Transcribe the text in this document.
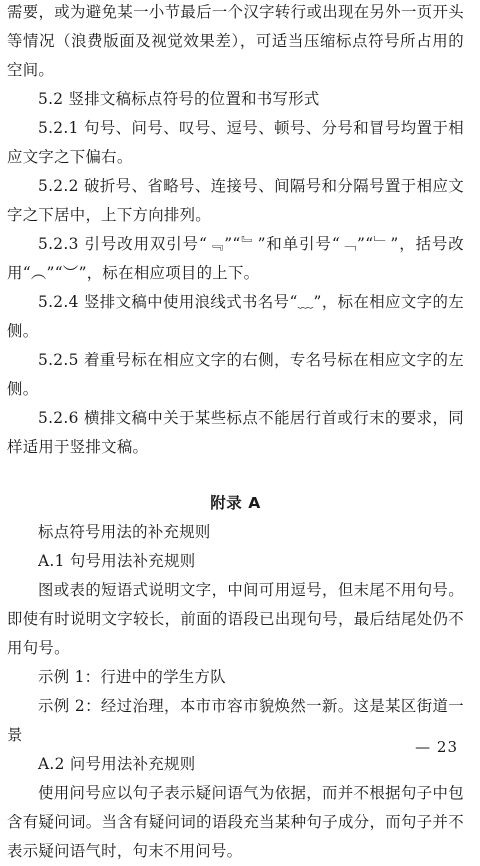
需要，或为避免某一小节最后一个汉字转行或出现在另外一页开头等情况（浪费版面及视觉效果差），可适当压缩标点符号所占用的空间。

5.2 竖排文稿标点符号的位置和书写形式

5.2.1 句号、问号、叹号、逗号、顿号、分号和冒号均置于相应文字之下偏右。

5.2.2 破折号、省略号、连接号、间隔号和分隔号置于相应文字之下居中，上下方向排列。

5.2.3 引号改用双引号“﹃”“﹄”和单引号“﹁”“﹂”，括号改用“︵”“︶”，标在相应项目的上下。

5.2.4 竖排文稿中使用浪线式书名号“﹏”，标在相应文字的左侧。

5.2.5 着重号标在相应文字的右侧，专名号标在相应文字的左侧。

5.2.6 横排文稿中关于某些标点不能居行首或行末的要求，同样适用于竖排文稿。

附录 A

标点符号用法的补充规则

A.1 句号用法补充规则

图或表的短语式说明文字，中间可用逗号，但末尾不用句号。即使有时说明文字较长，前面的语段已出现句号，最后结尾处仍不用句号。

示例 1：行进中的学生方队

示例 2：经过治理，本市市容市貌焕然一新。这是某区街道一景

A.2 问号用法补充规则

使用问号应以句子表示疑问语气为依据，而并不根据句子中包含有疑问词。当含有疑问词的语段充当某种句子成分，而句子并不表示疑问语气时，句末不用问号。

— 23
